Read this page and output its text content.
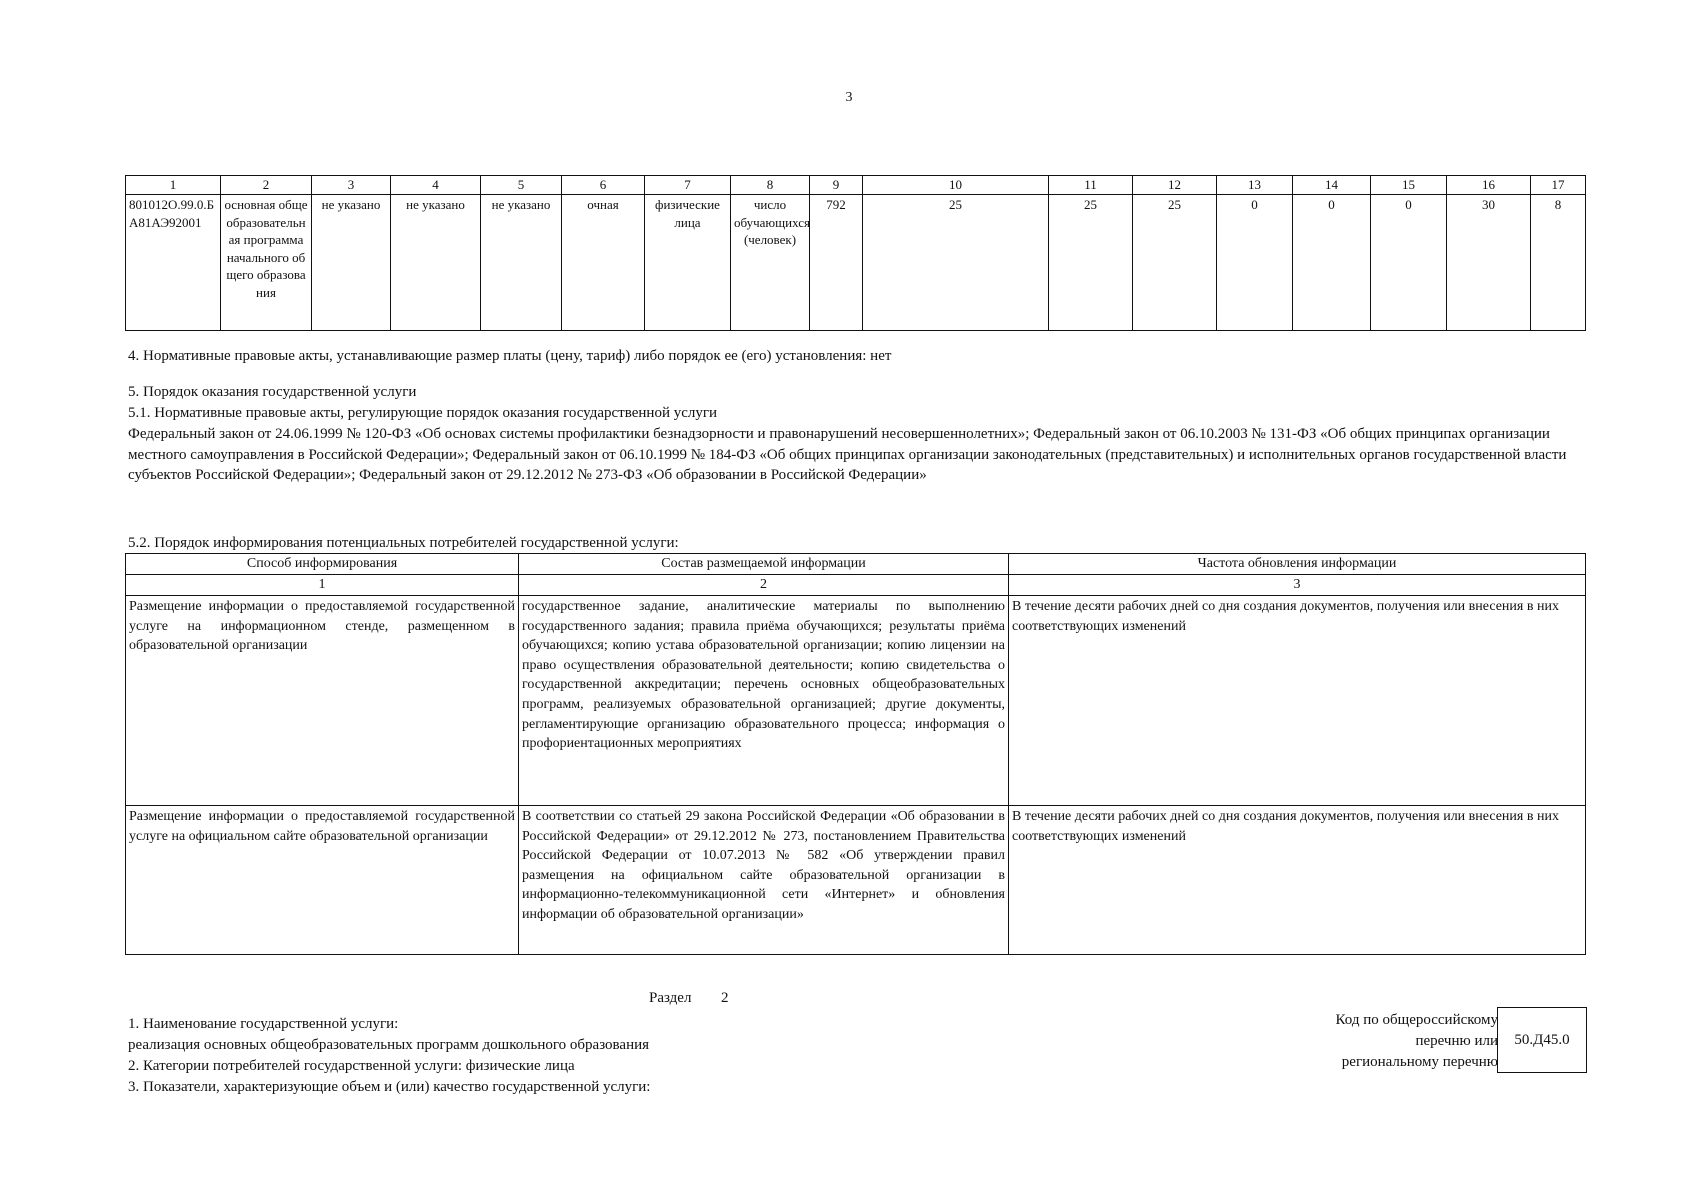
3
1	2	3	4	5	6	7	8	9	10	11	12	13	14	15	16	17
801012О.99.0.БА81АЭ92001	основная общеобразовательная программа начального общего образования	не указано	не указано	не указано	очная	физические лица	число обучающихся (человек)	792	25	25	25	0	0	0	30	8
4. Нормативные правовые акты, устанавливающие размер платы (цену, тариф) либо порядок ее (его) установления: нет
5. Порядок оказания государственной услуги
5.1. Нормативные правовые акты, регулирующие порядок оказания государственной услуги
Федеральный закон от 24.06.1999 № 120-ФЗ «Об основах системы профилактики безнадзорности и правонарушений несовершеннолетних»; Федеральный закон от 06.10.2003 № 131-ФЗ «Об общих принципах организации местного самоуправления в Российской Федерации»; Федеральный закон от 06.10.1999 № 184-ФЗ «Об общих принципах организации законодательных (представительных) и исполнительных органов государственной власти субъектов Российской Федерации»; Федеральный закон от 29.12.2012 № 273-ФЗ «Об образовании в Российской Федерации»
5.2. Порядок информирования потенциальных потребителей государственной услуги:
Способ информирования	Состав размещаемой информации	Частота обновления информации
1	2	3
Размещение информации о предоставляемой государственной услуге на информационном стенде, размещенном в образовательной организации	государственное задание, аналитические материалы по выполнению государственного задания; правила приёма обучающихся; результаты приёма обучающихся; копию устава образовательной организации; копию лицензии на право осуществления образовательной деятельности; копию свидетельства о государственной аккредитации; перечень основных общеобразовательных программ, реализуемых образовательной организацией; другие документы, регламентирующие организацию образовательного процесса; информация о профориентационных мероприятиях	В течение десяти рабочих дней со дня создания документов, получения или внесения в них соответствующих изменений
Размещение информации о предоставляемой государственной услуге на официальном сайте образовательной организации	В соответствии со статьей 29 закона Российской Федерации «Об образовании в Российской Федерации» от 29.12.2012 № 273, постановлением Правительства Российской Федерации от 10.07.2013 № 582 «Об утверждении правил размещения на официальном сайте образовательной организации в информационно-телекоммуникационной сети «Интернет» и обновления информации об образовательной организации»	В течение десяти рабочих дней со дня создания документов, получения или внесения в них соответствующих изменений
Раздел 2
1. Наименование государственной услуги:
реализация основных общеобразовательных программ дошкольного образования
2. Категории потребителей государственной услуги: физические лица
3. Показатели, характеризующие объем и (или) качество государственной услуги:
Код по общероссийскому
перечню или
региональному перечню
50.Д45.0
